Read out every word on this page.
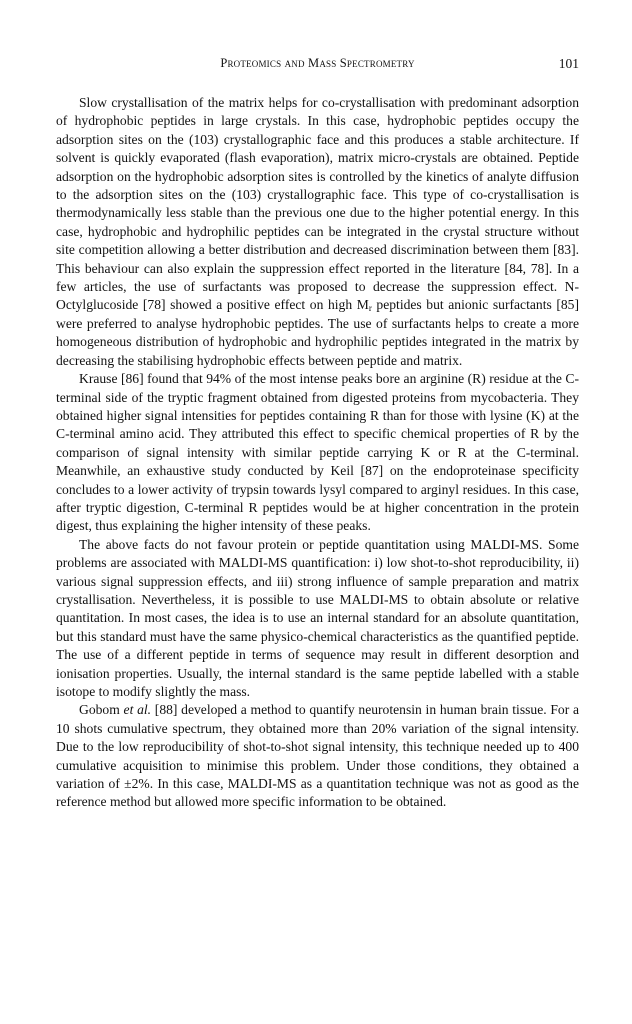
Proteomics and Mass Spectrometry	101

Slow crystallisation of the matrix helps for co-crystallisation with predominant adsorption of hydrophobic peptides in large crystals. In this case, hydrophobic peptides occupy the adsorption sites on the (103) crystallographic face and this produces a stable architecture. If solvent is quickly evaporated (flash evaporation), matrix micro-crystals are obtained. Peptide adsorption on the hydrophobic adsorption sites is controlled by the kinetics of analyte diffusion to the adsorption sites on the (103) crystallographic face. This type of co-crystallisation is thermodynamically less stable than the previous one due to the higher potential energy. In this case, hydrophobic and hydrophilic peptides can be integrated in the crystal structure without site competition allowing a better distribution and decreased discrimination between them [83]. This behaviour can also explain the suppression effect reported in the literature [84, 78]. In a few articles, the use of surfactants was proposed to decrease the suppression effect. N-Octylglucoside [78] showed a positive effect on high $M_r$ peptides but anionic surfactants [85] were preferred to analyse hydrophobic peptides. The use of surfactants helps to create a more homogeneous distribution of hydrophobic and hydrophilic peptides integrated in the matrix by decreasing the stabilising hydrophobic effects between peptide and matrix.

Krause [86] found that 94% of the most intense peaks bore an arginine (R) residue at the C-terminal side of the tryptic fragment obtained from digested proteins from mycobacteria. They obtained higher signal intensities for peptides containing R than for those with lysine (K) at the C-terminal amino acid. They attributed this effect to specific chemical properties of R by the comparison of signal intensity with similar peptide carrying K or R at the C-terminal. Meanwhile, an exhaustive study conducted by Keil [87] on the endoproteinase specificity concludes to a lower activity of trypsin towards lysyl compared to arginyl residues. In this case, after tryptic digestion, C-terminal R peptides would be at higher concentration in the protein digest, thus explaining the higher intensity of these peaks.

The above facts do not favour protein or peptide quantitation using MALDI-MS. Some problems are associated with MALDI-MS quantification: i) low shot-to-shot reproducibility, ii) various signal suppression effects, and iii) strong influence of sample preparation and matrix crystallisation. Nevertheless, it is possible to use MALDI-MS to obtain absolute or relative quantitation. In most cases, the idea is to use an internal standard for an absolute quantitation, but this standard must have the same physico-chemical characteristics as the quantified peptide. The use of a different peptide in terms of sequence may result in different desorption and ionisation properties. Usually, the internal standard is the same peptide labelled with a stable isotope to modify slightly the mass.

Gobom et al. [88] developed a method to quantify neurotensin in human brain tissue. For a 10 shots cumulative spectrum, they obtained more than 20% variation of the signal intensity. Due to the low reproducibility of shot-to-shot signal intensity, this technique needed up to 400 cumulative acquisition to minimise this problem. Under those conditions, they obtained a variation of ±2%. In this case, MALDI-MS as a quantitation technique was not as good as the reference method but allowed more specific information to be obtained.
